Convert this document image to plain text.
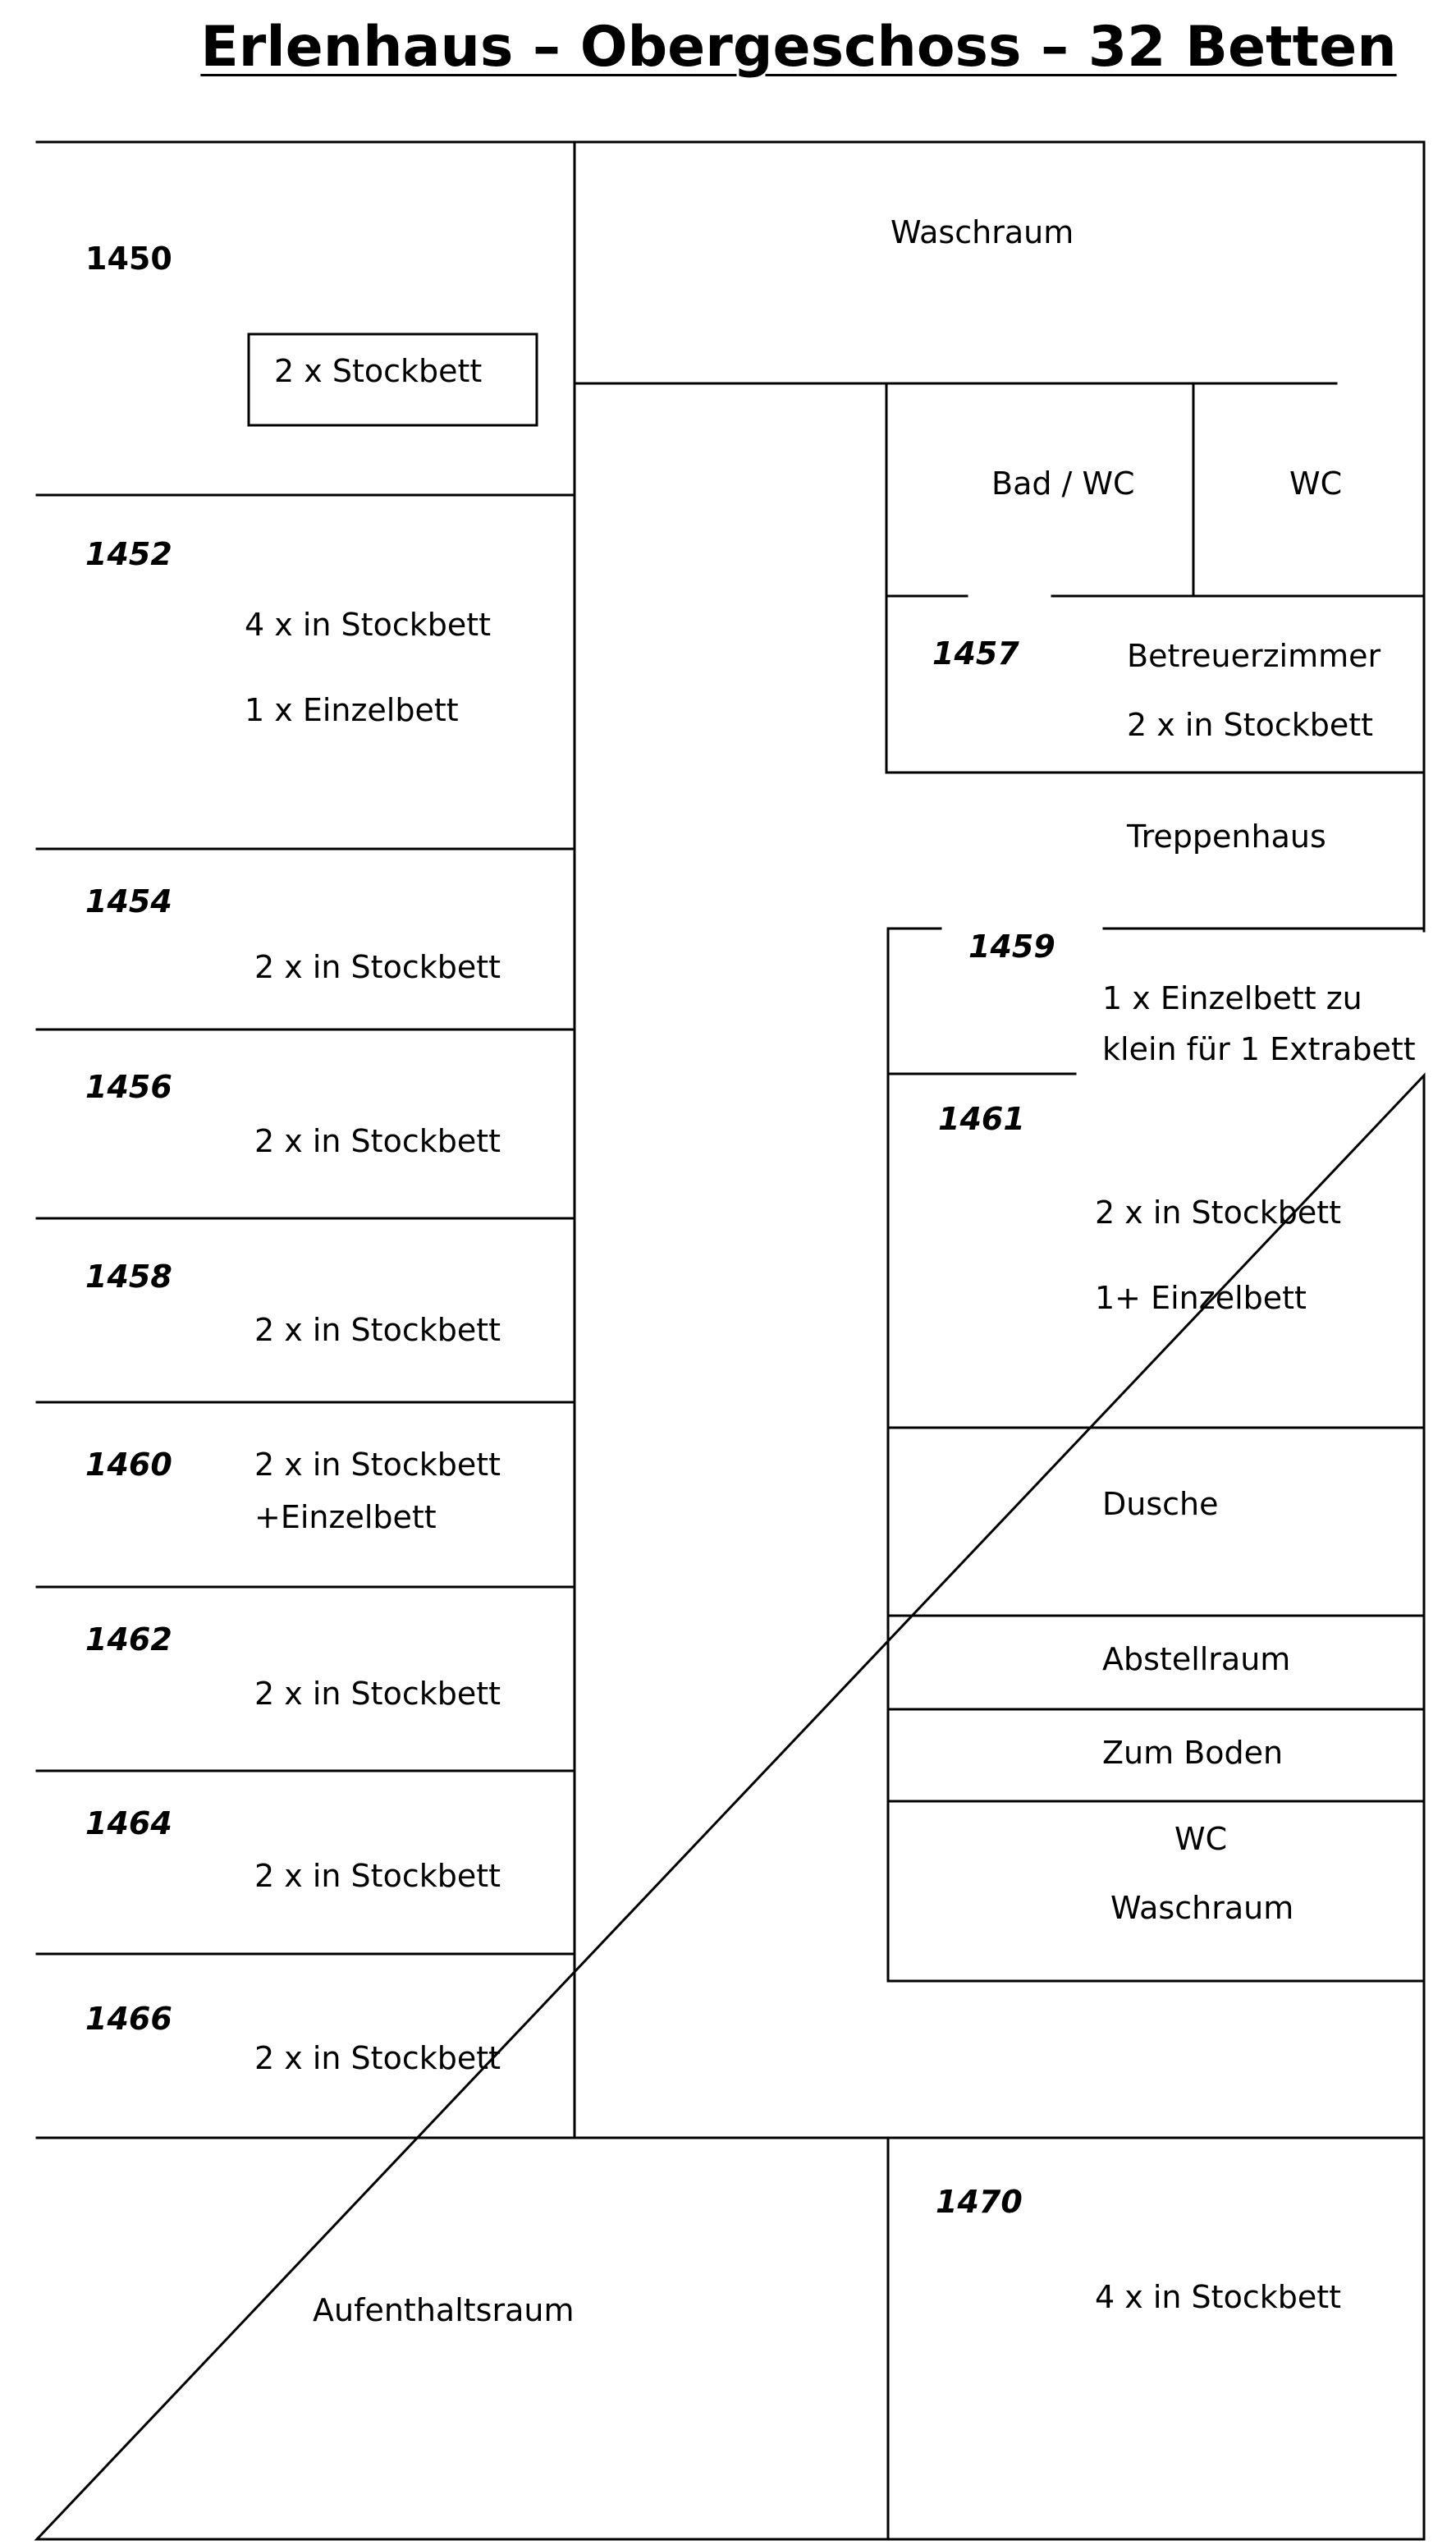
Erlenhaus – Obergeschoss – 32 Betten
1450
2 x Stockbett
1452
4 x in Stockbett
1 x Einzelbett
1454
2 x in Stockbett
1456
2 x in Stockbett
1458
2 x in Stockbett
1460	2 x in Stockbett
+Einzelbett
1462
2 x in Stockbett
1464
2 x in Stockbett
1466
2 x in Stockbett
Waschraum
Bad / WC	WC
1457	Betreuerzimmer
2 x in Stockbett
Treppenhaus
1459
1 x Einzelbett zu
klein für 1 Extrabett
1461
2 x in Stockbett
1+ Einzelbett
Dusche
Abstellraum
Zum Boden
WC
Waschraum
Aufenthaltsraum
1470
4 x in Stockbett
